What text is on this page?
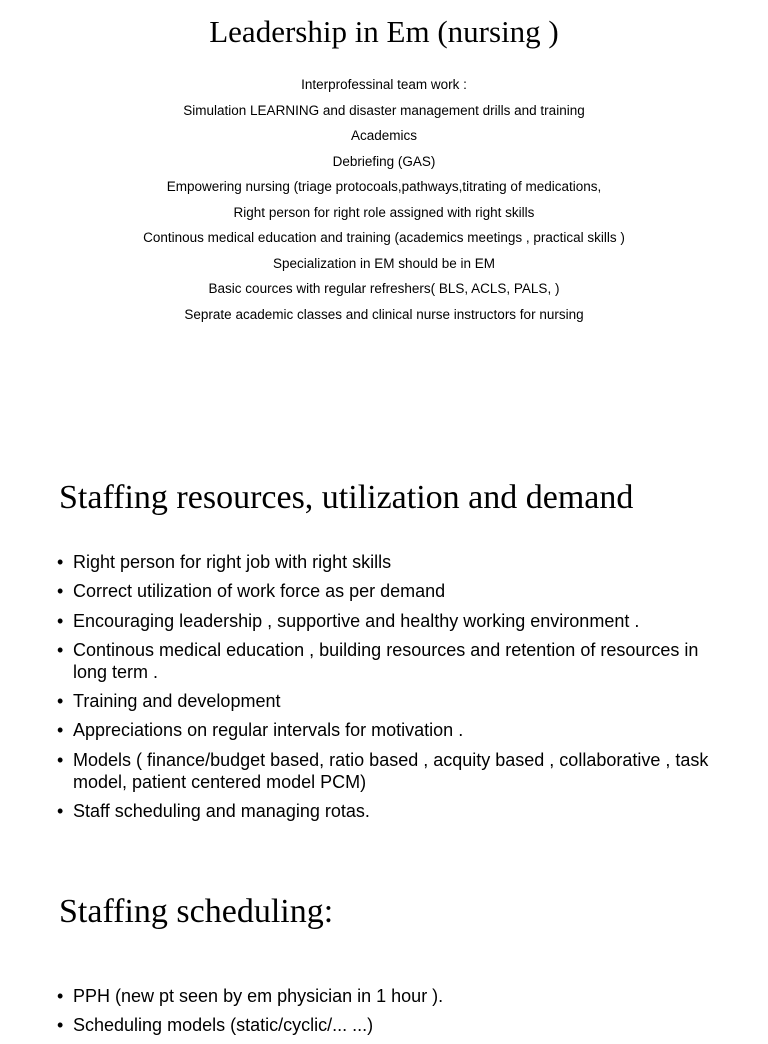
Leadership in Em (nursing )
Interprofessinal team work :
Simulation LEARNING and disaster management drills and training
Academics
Debriefing (GAS)
Empowering nursing (triage protocoals,pathways,titrating of medications,
Right person for right role assigned with right skills
Continous medical education and training (academics meetings , practical skills )
Specialization in EM should be in EM
Basic cources with regular refreshers( BLS, ACLS, PALS, )
Seprate academic classes and clinical nurse instructors for nursing
Staffing resources, utilization and demand
• Right person for right job with right skills
• Correct utilization of work force as per demand
• Encouraging leadership , supportive and healthy working environment .
• Continous medical education , building resources and retention of resources in long term .
• Training and development
• Appreciations on regular intervals for motivation .
• Models ( finance/budget based, ratio based , acquity based , collaborative , task model, patient centered model PCM)
• Staff scheduling and managing rotas.
Staffing scheduling:
• PPH (new pt seen by em physician in 1 hour ).
• Scheduling models (static/cyclic/... ...)
